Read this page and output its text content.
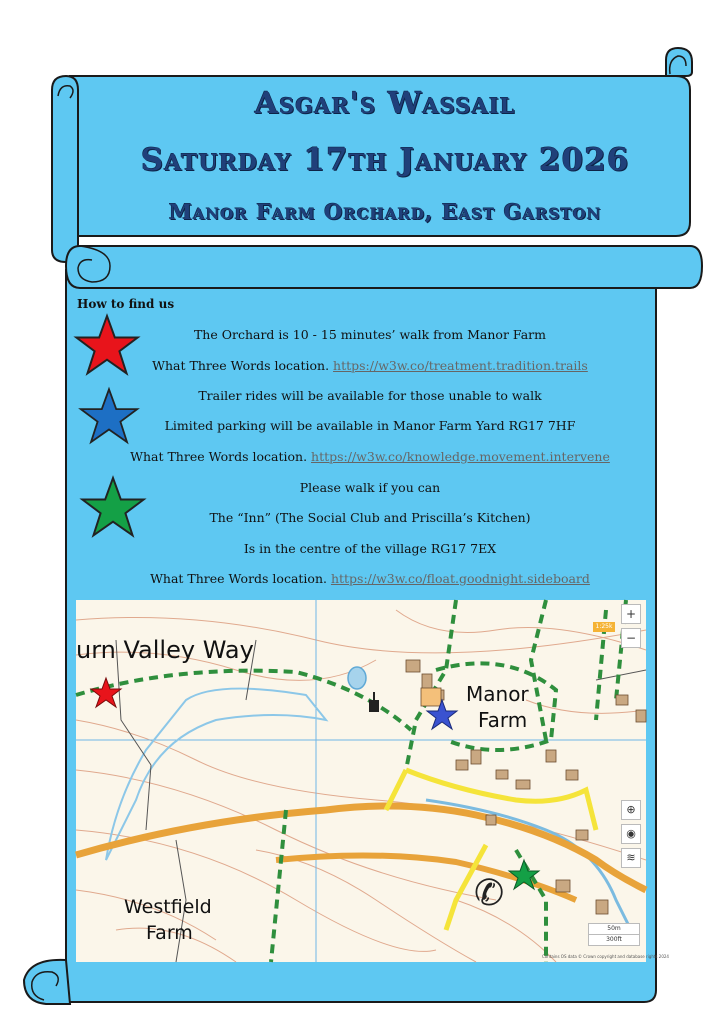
Asgar's Wassail
Saturday 17th January 2026
Manor Farm Orchard, East Garston
How to find us
The Orchard is 10 - 15 minutes’ walk from Manor Farm
What Three Words location. https://w3w.co/treatment.tradition.trails
Trailer rides will be available for those unable to walk
Limited parking will be available in Manor Farm Yard RG17 7HF
What Three Words location. https://w3w.co/knowledge.movement.intervene
Please walk if you can
The “Inn” (The Social Club and Priscilla’s Kitchen)
Is in the centre of the village RG17 7EX
What Three Words location. https://w3w.co/float.goodnight.sideboard
✆
urn Valley Way
Manor
Farm
Westfield
Farm
+
−
1:25k
⊕
◉
≋
50m
300ft
Contains OS data © Crown copyright and database rights 2024
